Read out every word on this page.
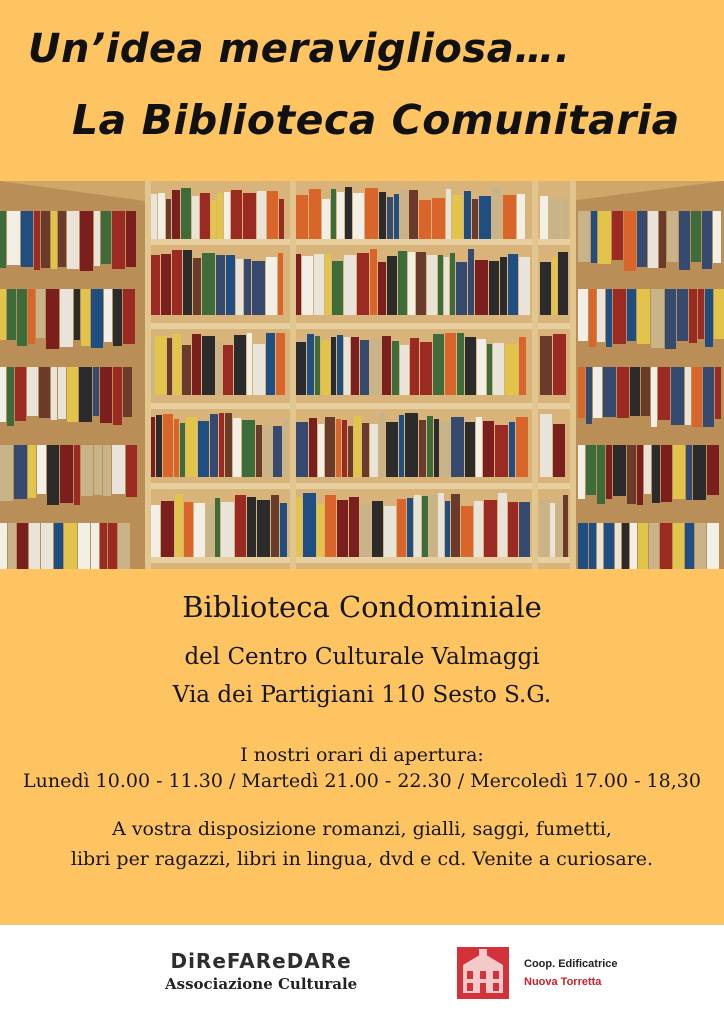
Un’idea meravigliosa….
La Biblioteca Comunitaria
Biblioteca Condominiale
del Centro Culturale Valmaggi
Via dei Partigiani 110 Sesto S.G.
I nostri orari di apertura:
Lunedì 10.00 - 11.30 / Martedì 21.00 - 22.30 / Mercoledì 17.00 - 18,30
A vostra disposizione romanzi, gialli, saggi, fumetti,
libri per ragazzi, libri in lingua, dvd e cd. Venite a curiosare.
DiReFAReDARe
Associazione Culturale
Coop. Edificatrice
Nuova Torretta
